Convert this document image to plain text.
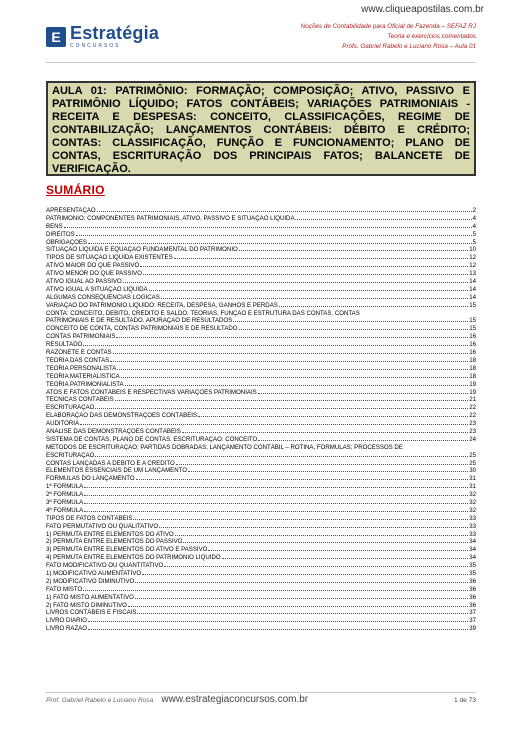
www.cliqueapostilas.com.br
E Estratégia
CONCURSOS
Noções de Contabilidade para Oficial de Fazenda – SEFAZ RJ
Teoria e exercícios comentados
Profs. Gabriel Rabelo e Luciano Rosa – Aula 01
AULA 01: PATRIMÔNIO: FORMAÇÃO; COMPOSIÇÃO; ATIVO, PASSIVO E PATRIMÔNIO LÍQUIDO; FATOS CONTÁBEIS; VARIAÇÕES PATRIMONIAIS - RECEITA E DESPESAS: CONCEITO, CLASSIFICAÇÕES, REGIME DE CONTABILIZAÇÃO; LANÇAMENTOS CONTÁBEIS: DÉBITO E CRÉDITO; CONTAS: CLASSIFICAÇÃO, FUNÇÃO E FUNCIONAMENTO; PLANO DE CONTAS, ESCRITURAÇÃO DOS PRINCIPAIS FATOS; BALANCETE DE VERIFICAÇÃO.
SUMÁRIO
APRESENTAÇÃO	2
PATRIMÔNIO: COMPONENTES PATRIMONIAIS, ATIVO, PASSIVO E SITUAÇÃO LÍQUIDA.	4
BENS	4
DIREITOS	5
OBRIGAÇÕES	5
SITUAÇÃO LÍQUIDA E EQUAÇÃO FUNDAMENTAL DO PATRIMÔNIO	10
TIPOS DE SITUAÇÃO LÍQUIDA EXISTENTES	12
ATIVO MAIOR DO QUE PASSIVO	12
ATIVO MENOR DO QUE PASSIVO	13
ATIVO IGUAL AO PASSIVO	14
ATIVO IGUAL A SITUAÇÃO LÍQUIDA	14
ALGUMAS CONSEQUÊNCIAS LÓGICAS	14
VARIAÇÃO DO PATRIMÔNIO LÍQUIDO: RECEITA, DESPESA, GANHOS E PERDAS	15
CONTA: CONCEITO, DÉBITO, CRÉDITO E SALDO. TEORIAS, FUNÇÃO E ESTRUTURA DAS CONTAS. CONTAS
PATRIMONIAIS E DE RESULTADO. APURAÇÃO DE RESULTADOS	15
CONCEITO DE CONTA, CONTAS PATRIMONIAIS E DE RESULTADO	15
CONTAS PATRIMONIAIS	16
RESULTADO	16
RAZONETE E CONTAS	16
TEORIA DAS CONTAS	18
TEORIA PERSONALISTA	18
TEORIA MATERIALÍSTICA	18
TEORIA PATRIMONIALISTA	19
ATOS E FATOS CONTÁBEIS E RESPECTIVAS VARIAÇÕES PATRIMONIAIS	19
TÉCNICAS CONTÁBEIS	21
ESCRITURAÇÃO	22
ELABORAÇÃO DAS DEMONSTRAÇÕES CONTÁBEIS	22
AUDITORIA	23
ANÁLISE DAS DEMONSTRAÇÕES CONTÁBEIS	23
SISTEMA DE CONTAS, PLANO DE CONTAS. ESCRITURAÇÃO: CONCEITO	24
MÉTODOS DE ESCRITURAÇÃO; PARTIDAS DOBRADAS; LANÇAMENTO CONTÁBIL – ROTINA, FÓRMULAS; PROCESSOS DE
ESCRITURAÇÃO	25
CONTAS LANÇADAS A DÉBITO E A CRÉDITO	25
ELEMENTOS ESSENCIAIS DE UM LANÇAMENTO	30
FÓRMULAS DO LANÇAMENTO	31
1ª FÓRMULA	31
2ª FÓRMULA	32
3ª FÓRMULA	32
4ª FÓRMULA	32
TIPOS DE FATOS CONTÁBEIS	33
FATO PERMUTATIVO OU QUALITATIVO	33
1) PERMUTA ENTRE ELEMENTOS DO ATIVO	33
2) PERMUTA ENTRE ELEMENTOS DO PASSIVO	34
3) PERMUTA ENTRE ELEMENTOS DO ATIVO E PASSIVO	34
4) PERMUTA ENTRE ELEMENTOS DO PATRIMÔNIO LÍQUIDO	34
FATO MODIFICATIVO OU QUANTITATIVO	35
1) MODIFICATIVO AUMENTATIVO	35
2) MODIFICATIVO DIMINUTIVO	36
FATO MISTO	36
1) FATO MISTO AUMENTATIVO	36
2) FATO MISTO DIMINUTIVO	36
LIVROS CONTÁBEIS E FISCAIS	37
LIVRO DIÁRIO	37
LIVRO RAZÃO	39
Prof. Gabriel Rabelo e Luciano Rosa www.estrategiaconcursos.com.br	1 de 73
